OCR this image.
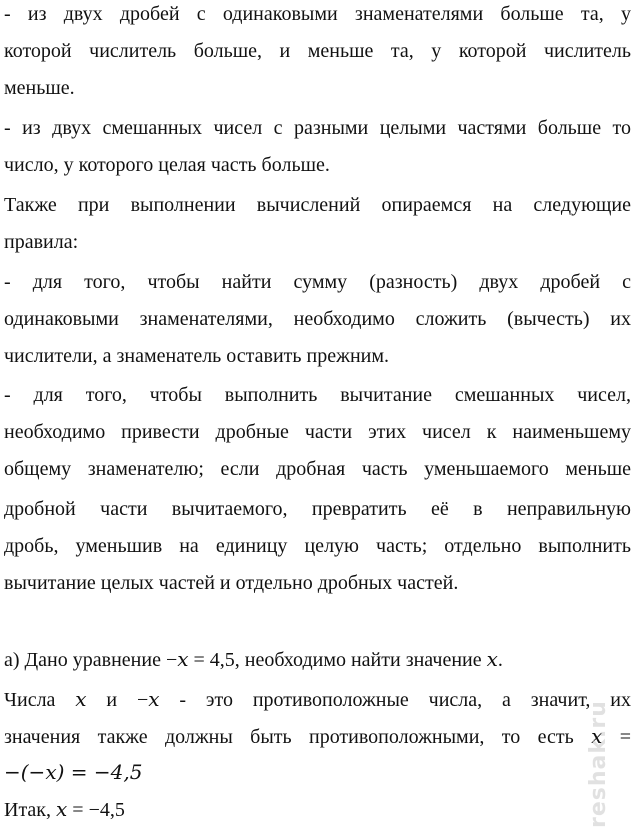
- из двух дробей с одинаковыми знаменателями больше та, у
которой числитель больше, и меньше та, у которой числитель
меньше.
- из двух смешанных чисел с разными целыми частями больше то
число, у которого целая часть больше.
Также при выполнении вычислений опираемся на следующие
правила:
- для того, чтобы найти сумму (разность) двух дробей с
одинаковыми знаменателями, необходимо сложить (вычесть) их
числители, а знаменатель оставить прежним.
- для того, чтобы выполнить вычитание смешанных чисел,
необходимо привести дробные части этих чисел к наименьшему
общему знаменателю; если дробная часть уменьшаемого меньше
дробной части вычитаемого, превратить её в неправильную
дробь, уменьшив на единицу целую часть; отдельно выполнить
вычитание целых частей и отдельно дробных частей.
а) Дано уравнение −𝑥 = 4,5, необходимо найти значение 𝑥.
Числа 𝑥 и −𝑥 - это противоположные числа, а значит, их
значения также должны быть противоположными, то есть 𝑥 =
−(−𝑥) = −4,5
Итак, 𝑥 = −4,5	reshak.ru
